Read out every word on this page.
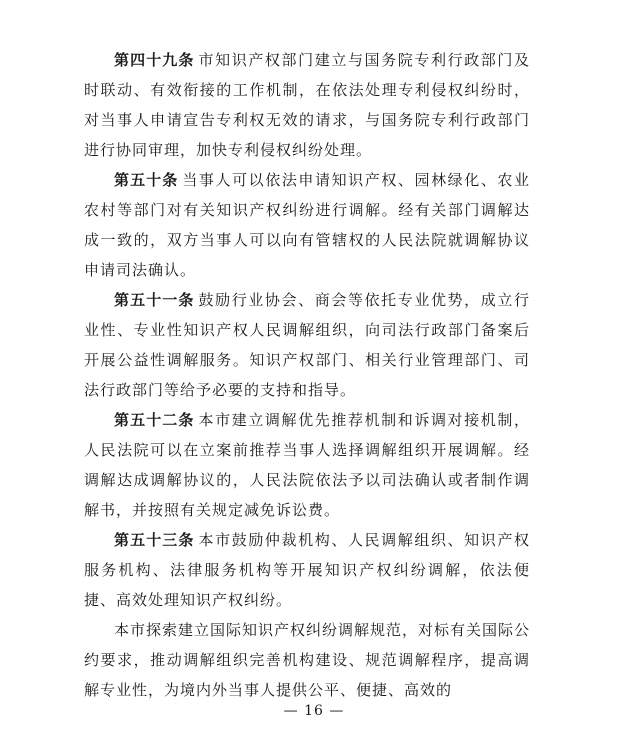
第四十九条 市知识产权部门建立与国务院专利行政部门及时联动、有效衔接的工作机制，在依法处理专利侵权纠纷时，对当事人申请宣告专利权无效的请求，与国务院专利行政部门进行协同审理，加快专利侵权纠纷处理。

第五十条 当事人可以依法申请知识产权、园林绿化、农业农村等部门对有关知识产权纠纷进行调解。经有关部门调解达成一致的，双方当事人可以向有管辖权的人民法院就调解协议申请司法确认。

第五十一条 鼓励行业协会、商会等依托专业优势，成立行业性、专业性知识产权人民调解组织，向司法行政部门备案后开展公益性调解服务。知识产权部门、相关行业管理部门、司法行政部门等给予必要的支持和指导。

第五十二条 本市建立调解优先推荐机制和诉调对接机制，人民法院可以在立案前推荐当事人选择调解组织开展调解。经调解达成调解协议的，人民法院依法予以司法确认或者制作调解书，并按照有关规定减免诉讼费。

第五十三条 本市鼓励仲裁机构、人民调解组织、知识产权服务机构、法律服务机构等开展知识产权纠纷调解，依法便捷、高效处理知识产权纠纷。

本市探索建立国际知识产权纠纷调解规范，对标有关国际公约要求，推动调解组织完善机构建设、规范调解程序，提高调解专业性，为境内外当事人提供公平、便捷、高效的

— 16 —
